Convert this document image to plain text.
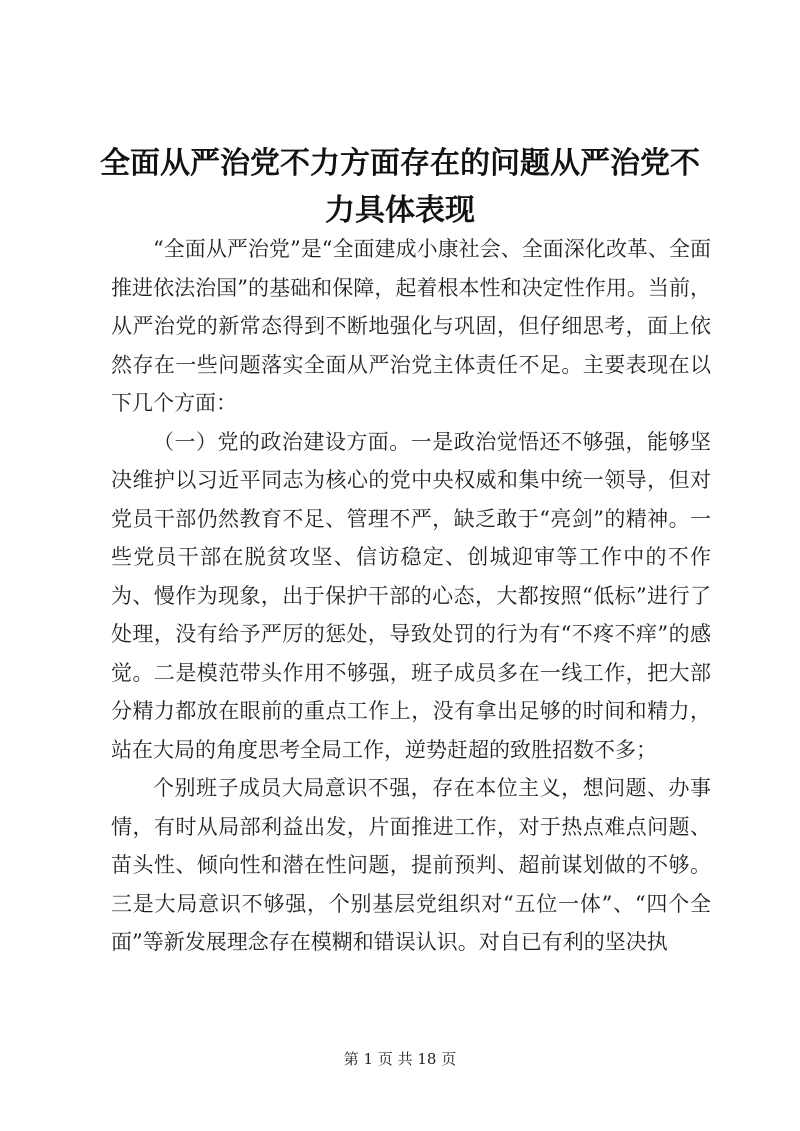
全面从严治党不力方面存在的问题从严治党不力具体表现

“全面从严治党”是“全面建成小康社会、全面深化改革、全面推进依法治国”的基础和保障，起着根本性和决定性作用。当前，从严治党的新常态得到不断地强化与巩固，但仔细思考，面上依然存在一些问题落实全面从严治党主体责任不足。主要表现在以下几个方面：

（一）党的政治建设方面。一是政治觉悟还不够强，能够坚决维护以习近平同志为核心的党中央权威和集中统一领导，但对党员干部仍然教育不足、管理不严，缺乏敢于“亮剑”的精神。一些党员干部在脱贫攻坚、信访稳定、创城迎审等工作中的不作为、慢作为现象，出于保护干部的心态，大都按照“低标”进行了处理，没有给予严厉的惩处，导致处罚的行为有“不疼不痒”的感觉。二是模范带头作用不够强，班子成员多在一线工作，把大部分精力都放在眼前的重点工作上，没有拿出足够的时间和精力，站在大局的角度思考全局工作，逆势赶超的致胜招数不多；

个别班子成员大局意识不强，存在本位主义，想问题、办事情，有时从局部利益出发，片面推进工作，对于热点难点问题、苗头性、倾向性和潜在性问题，提前预判、超前谋划做的不够。三是大局意识不够强，个别基层党组织对“五位一体”、“四个全面”等新发展理念存在模糊和错误认识。对自已有利的坚决执

第 1 页 共 18 页
